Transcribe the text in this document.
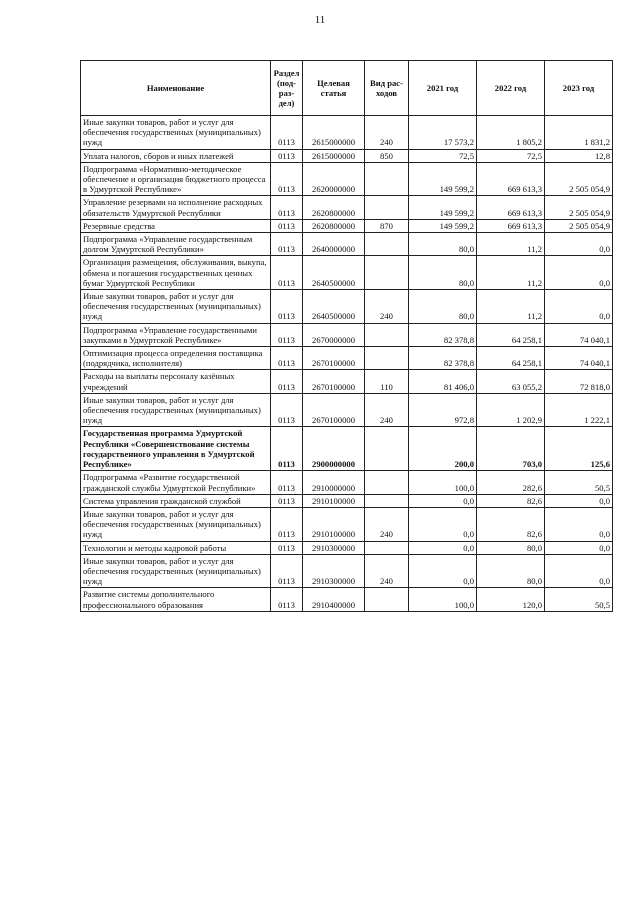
11
Наименование	Раздел (под-раз-дел)	Целевая статья	Вид рас-ходов	2021 год	2022 год	2023 год
Иные закупки товаров, работ и услуг для обеспечения государственных (муниципальных) нужд	0113	2615000000	240	17 573,2	1 805,2	1 831,2
Уплата налогов, сборов и иных платежей	0113	2615000000	850	72,5	72,5	12,8
Подпрограмма «Нормативно-методическое обеспечение и организация бюджетного процесса в Удмуртской Республике»	0113	2620000000		149 599,2	669 613,3	2 505 054,9
Управление резервами на исполнение расходных обязательств Удмуртской Республики	0113	2620800000		149 599,2	669 613,3	2 505 054,9
Резервные средства	0113	2620800000	870	149 599,2	669 613,3	2 505 054,9
Подпрограмма «Управление государственным долгом Удмуртской Республики»	0113	2640000000		80,0	11,2	0,0
Организация размещения, обслуживания, выкупа, обмена и погашения государственных ценных бумаг Удмуртской Республики	0113	2640500000		80,0	11,2	0,0
Иные закупки товаров, работ и услуг для обеспечения государственных (муниципальных) нужд	0113	2640500000	240	80,0	11,2	0,0
Подпрограмма «Управление государственными закупками в Удмуртской Республике»	0113	2670000000		82 378,8	64 258,1	74 040,1
Оптимизация процесса определения поставщика (подрядчика, исполнителя)	0113	2670100000		82 378,8	64 258,1	74 040,1
Расходы на выплаты персоналу казённых учреждений	0113	2670100000	110	81 406,0	63 055,2	72 818,0
Иные закупки товаров, работ и услуг для обеспечения государственных (муниципальных) нужд	0113	2670100000	240	972,8	1 202,9	1 222,1
Государственная программа Удмуртской Республики «Совершенствование системы государственного управления в Удмуртской Республике»	0113	2900000000		200,0	703,0	125,6
Подпрограмма «Развитие государственной гражданской службы Удмуртской Республики»	0113	2910000000		100,0	282,6	50,5
Система управления гражданской службой	0113	2910100000		0,0	82,6	0,0
Иные закупки товаров, работ и услуг для обеспечения государственных (муниципальных) нужд	0113	2910100000	240	0,0	82,6	0,0
Технологии и методы кадровой работы	0113	2910300000		0,0	80,0	0,0
Иные закупки товаров, работ и услуг для обеспечения государственных (муниципальных) нужд	0113	2910300000	240	0,0	80,0	0,0
Развитие системы дополнительного профессионального образования	0113	2910400000		100,0	120,0	50,5
